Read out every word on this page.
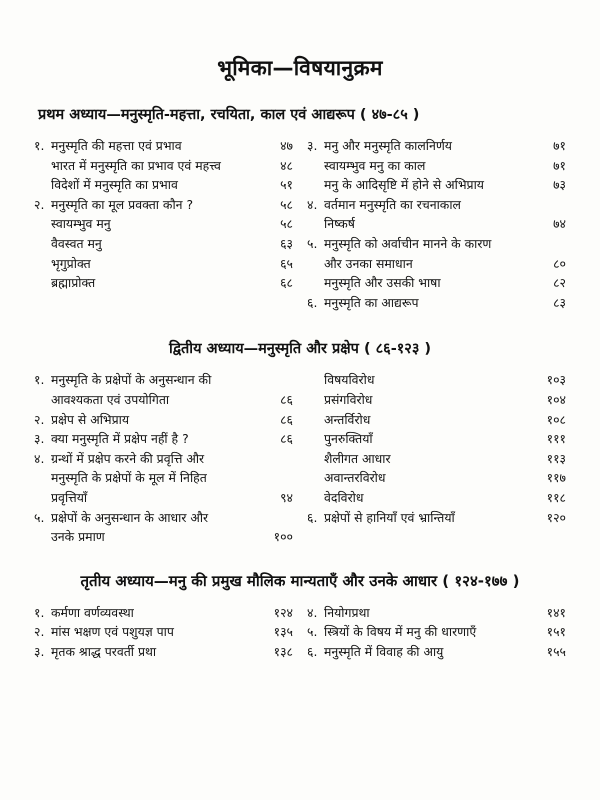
भूमिका—विषयानुक्रम
प्रथम अध्याय—मनुस्मृति-महत्ता, रचयिता, काल एवं आद्यरूप ( ४७-८५ )
१. मनुस्मृति की महत्ता एवं प्रभाव	४७
भारत में मनुस्मृति का प्रभाव एवं महत्त्व	४८
विदेशों में मनुस्मृति का प्रभाव	५१
२. मनुस्मृति का मूल प्रवक्ता कौन ?	५८
स्वायम्भुव मनु	५८
वैवस्वत मनु	६३
भृगुप्रोक्त	६५
ब्रह्माप्रोक्त	६८
३. मनु और मनुस्मृति कालनिर्णय	७१
स्वायम्भुव मनु का काल	७१
मनु के आदिसृष्टि में होने से अभिप्राय	७३
४. वर्तमान मनुस्मृति का रचनाकाल
निष्कर्ष	७४
५. मनुस्मृति को अर्वाचीन मानने के कारण
और उनका समाधान	८०
मनुस्मृति और उसकी भाषा	८२
६. मनुस्मृति का आद्यरूप	८३
द्वितीय अध्याय—मनुस्मृति और प्रक्षेप ( ८६-१२३ )
१. मनुस्मृति के प्रक्षेपों के अनुसन्धान की
आवश्यकता एवं उपयोगिता	८६
२. प्रक्षेप से अभिप्राय	८६
३. क्या मनुस्मृति में प्रक्षेप नहीं है ?	८६
४. ग्रन्थों में प्रक्षेप करने की प्रवृत्ति और
मनुस्मृति के प्रक्षेपों के मूल में निहित
प्रवृत्तियाँ	९४
५. प्रक्षेपों के अनुसन्धान के आधार और
उनके प्रमाण	१००
विषयविरोध	१०३
प्रसंगविरोध	१०४
अन्तर्विरोध	१०८
पुनरुक्तियाँ	१११
शैलीगत आधार	११३
अवान्तरविरोध	११७
वेदविरोध	११८
६. प्रक्षेपों से हानियाँ एवं भ्रान्तियाँ	१२०
तृतीय अध्याय—मनु की प्रमुख मौलिक मान्यताएँ और उनके आधार ( १२४-१७७ )
१. कर्मणा वर्णव्यवस्था	१२४
२. मांस भक्षण एवं पशुयज्ञ पाप	१३५
३. मृतक श्राद्ध परवर्ती प्रथा	१३८
४. नियोगप्रथा	१४१
५. स्त्रियों के विषय में मनु की धारणाएँ	१५१
६. मनुस्मृति में विवाह की आयु	१५५
